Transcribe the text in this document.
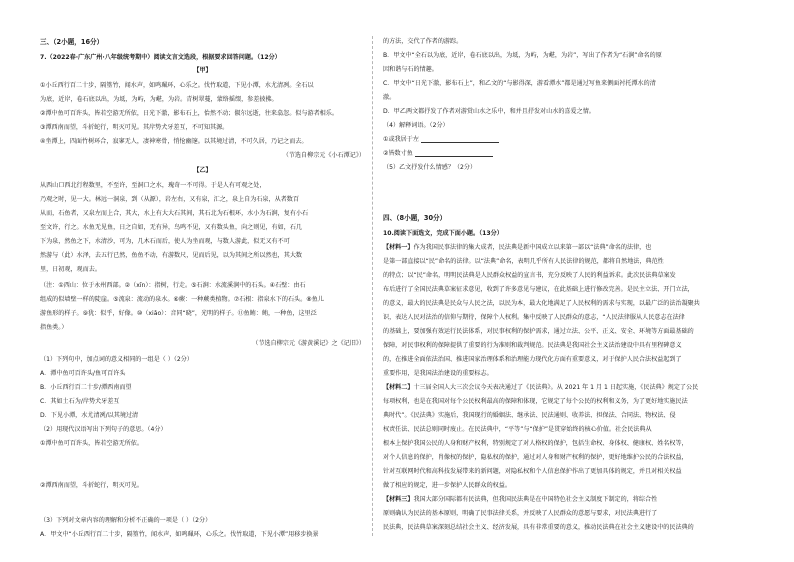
三、（2小题，16分）
7.（2022春·广东广州·八年级统考期中）阅读文言文选段，根据要求回答问题。（12分）
【甲】
①小丘西行百二十步，隔篁竹，闻水声，如鸣珮环，心乐之。伐竹取道，下见小潭，水尤清冽。全石以
为底，近岸，卷石底以出，为坻，为屿，为嵁，为岩。青树翠蔓，蒙络摇缀，参差披拂。
②潭中鱼可百许头，皆若空游无所依，日光下澈，影布石上，佁然不动；俶尔远逝，往来翕忽。似与游者相乐。
③潭西南而望，斗折蛇行，明灭可见。其岸势犬牙差互，不可知其源。
④坐潭上，四面竹树环合，寂寥无人，凄神寒骨，悄怆幽邃。以其境过清，不可久居，乃记之而去。
（节选自柳宗元《小石潭记》）
【乙】
从西山口西北行程数里，不至许，至洞口之水，瑰奇一不可得。于是人有可观之处，
乃观之时，见一大。林远一洞泉，到（从源），岩左右，又有泉，汇之，泉上自为石泉，从者数百
从而，石鱼者，又泉左而上合，其大，水上有大大石其间，其石北为石根环，水小为石涧，复有小石
至文许，行之。水鱼无见鱼，日之自如，无有异，鸟鸣不见，又有数头鱼，向之则见，有如，石几
下为泉，然鱼之下，水清沙，可为，几木石而后，使人为坐而观，与数人游此，似无又有不可
然游与（此）水泽，去五行已然，鱼鱼不动，有游数尺，见而后见，以为其间之所以然也，其大数
里，日初观，观而去。
（注：①西山：位于永州西部。②（xīn）：指树，行走。⑤石涧：水流溪涧中的石头。④石壁：由石
组成的似墙壁一样的陡崖。⑤流泉：流动的泉水。⑥蕨：一种蕨类植物。⑦石根：指泉水下的石头。⑧鱼儿
游鱼形的样子。⑨犹：似乎，好像。⑩（xiǎo）：音同“晓”，光明的样子。⑪鱼鲔：鲔，一种鱼，这里泛
指鱼类。）
（节选自柳宗元《游黄溪记》之《记旧》）
（1）下列句中，加点词的意义相同的一组是（ ）（2分）
A．潭中鱼可百许头/鱼可百许头
B．小丘西行百二十步/潭西南而望
C．其如土石为/岸势犬牙差互
D．下见小潭，水尤清冽/以其境过清
（2）用现代汉语写出下列句子的意思。（4分）
①潭中鱼可百许头，皆若空游无所依。
②潭西南而望，斗折蛇行，明灭可见。
（3）下列对文章内容的理解和分析不正确的一项是（ ）（2分）
A．甲文中“小丘西行百二十步，隔篁竹，闻水声，如鸣珮环，心乐之。伐竹取道，下见小潭”用移步换景
的方法，交代了作者的游踪。
B．甲文中“全石以为底，近岸，卷石底以出，为坻，为屿，为嵁，为岩”，写出了作者为“石涧”命名的原
因和谐与石的情趣。
C．甲文中“日光下澈，影布石上”，和乙文的“与影得深，游看潭水”都是通过写鱼来侧面衬托潭水的清
澈。
D．甲乙两文都抒发了作者对游赏山水之乐中，和并且抒发对山水的喜爱之情。
（4）解释词语。（2分）
①或我居于左
②皆数寸鱼
（5）乙文抒发什么情感？（2分）
四、（8小题，30分）
10.阅读下面选文，完成下面小题。（13分）
【材料一】作为我国民事法律的集大成者，民法典是新中国成立以来第一部以“法典”命名的法律，也
是第一部直接以“民”命名的法律。以“法典”命名，表明几乎所有人民法律的规范，都将自然地法，典范性
的特点；以“民”命名，明明民法典是人民群众权益的宣言书，充分反映了人民的利益诉求。此次民法典草案发
布后进行了全国民法典草案征求意见，收到了许多意见与建议，在此基础上进行修改完善。是民主立法、开门立法，
的意义，最大的民法典是民众与人民之法，以民为本，最大化地满足了人民权利的需求与实现，以最广泛的法治凝聚共
识，表达人民对法治的信仰与期待，保障个人权利。集中反映了人民群众的意志，“人民法律服从人民意志在法律
的基础上，要加强有效运行民法体系，对民事权利的保护需求，通过立法、公平、正义、安全、环境等方面最基础的
保障，对民事权利的保障提供了重要的行为准则和裁判规范。民法典是我国社会主义法治建设中具有里程碑意义
的，在推进全面依法治国、推进国家治理体系和治理能力现代化方面有重要意义，对于保护人民合法权益起到了
重要作用，是我国法治建设的重要标志。
【材料二】十三届全国人大三次会议今天表决通过了《民法典》。从 2021 年 1 月 1 日起实施，《民法典》规定了公民
每项权利，也是在我国对每个公民权利最高的保障和体现，它规定了每个公民的权利和义务，为了更好地实施民法
典时代”。《民法典》实施后，我国现行的婚姻法、继承法、民法通则、收养法、担保法、合同法、物权法、侵
权责任法、民法总则同时废止。在民法典中，“平等”与“保护”是贯穿始终的核心价值。社会民法典从
根本上保护我国公民的人身和财产权利，特别规定了对人格权的保护，包括生命权、身体权、健康权、姓名权等，
对个人信息的保护，肖像权的保护，隐私权的保护，通过对人身和财产权利的保护，更好地维护公民的合法权益，
针对互联网时代和高科技发展带来的新问题，对隐私权和个人信息保护作出了更加具体的规定，并且对相关权益
做了相应的规定，进一步保护人民群众的权益。
【材料三】我国大部分国际都有民法典，但我国民法典是在中国特色社会主义制度下制定的，将综合性
原则确认为民法的基本原则，明确了民事法律关系，并反映了人民群众的意愿与要求，对民法典进行了
民法典，民法典草案深刻总结社会主义、经济发展，具有非常重要的意义，推动民法典在社会主义建设中的民法典的
